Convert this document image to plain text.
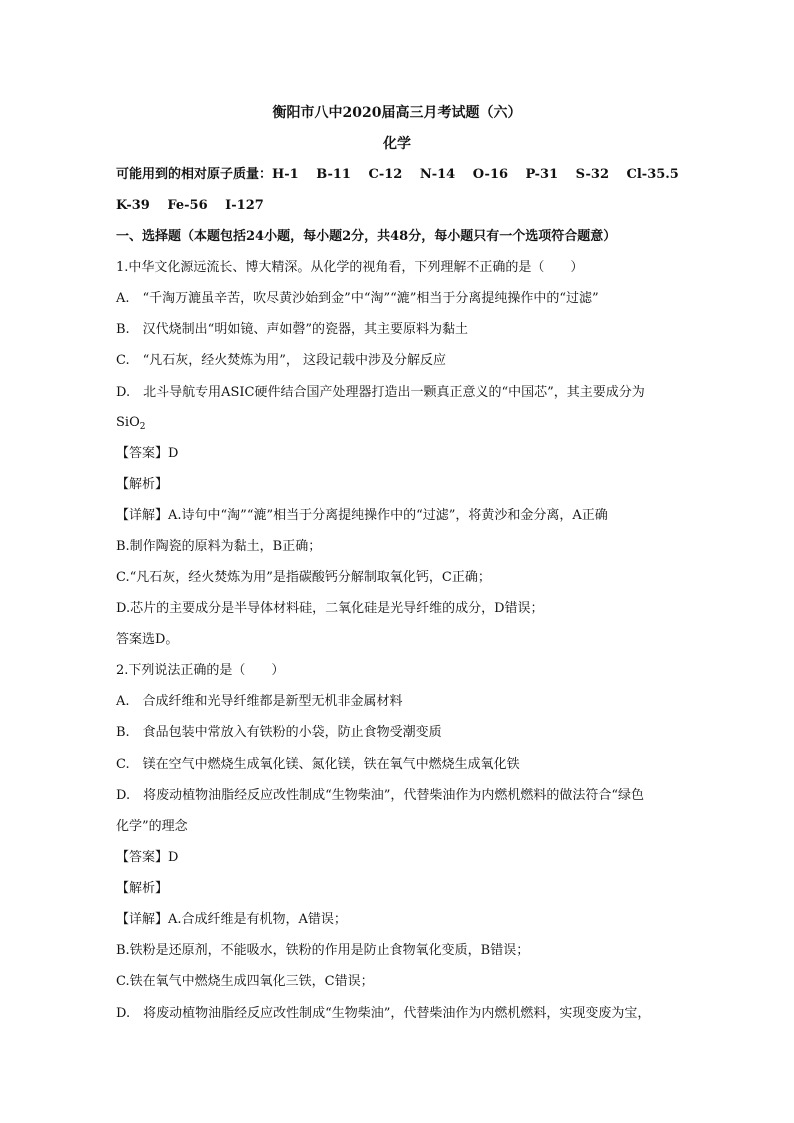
衡阳市八中2020届高三月考试题（六）
化学
可能用到的相对原子质量：H-1　 B-11　 C-12　 N-14　 O-16　 P-31　 S-32　 Cl-35.5
K-39　 Fe-56　 I-127
一、选择题（本题包括24小题，每小题2分，共48分，每小题只有一个选项符合题意）
1.中华文化源远流长、博大精深。从化学的视角看，下列理解不正确的是（　　）
A.　“千淘万漉虽辛苦，吹尽黄沙始到金”中“淘”“漉”相当于分离提纯操作中的“过滤”
B.　汉代烧制出“明如镜、声如磬”的瓷器，其主要原料为黏土
C.　“凡石灰，经火焚炼为用”， 这段记载中涉及分解反应
D.　北斗导航专用ASIC硬件结合国产处理器打造出一颗真正意义的“中国芯”，其主要成分为
SiO$_2$
【答案】D
【解析】
【详解】A.诗句中“淘”“漉”相当于分离提纯操作中的“过滤”，将黄沙和金分离，A正确
B.制作陶瓷的原料为黏土，B正确；
C.“凡石灰，经火焚炼为用”是指碳酸钙分解制取氧化钙，C正确；
D.芯片的主要成分是半导体材料硅，二氧化硅是光导纤维的成分，D错误；
答案选D。
2.下列说法正确的是（　　）
A.　合成纤维和光导纤维都是新型无机非金属材料
B.　食品包装中常放入有铁粉的小袋，防止食物受潮变质
C.　镁在空气中燃烧生成氧化镁、氮化镁，铁在氧气中燃烧生成氧化铁
D.　将废动植物油脂经反应改性制成“生物柴油”，代替柴油作为内燃机燃料的做法符合“绿色
化学”的理念
【答案】D
【解析】
【详解】A.合成纤维是有机物，A错误；
B.铁粉是还原剂，不能吸水，铁粉的作用是防止食物氧化变质，B错误；
C.铁在氧气中燃烧生成四氧化三铁，C错误；
D.　将废动植物油脂经反应改性制成“生物柴油”，代替柴油作为内燃机燃料，实现变废为宝，
